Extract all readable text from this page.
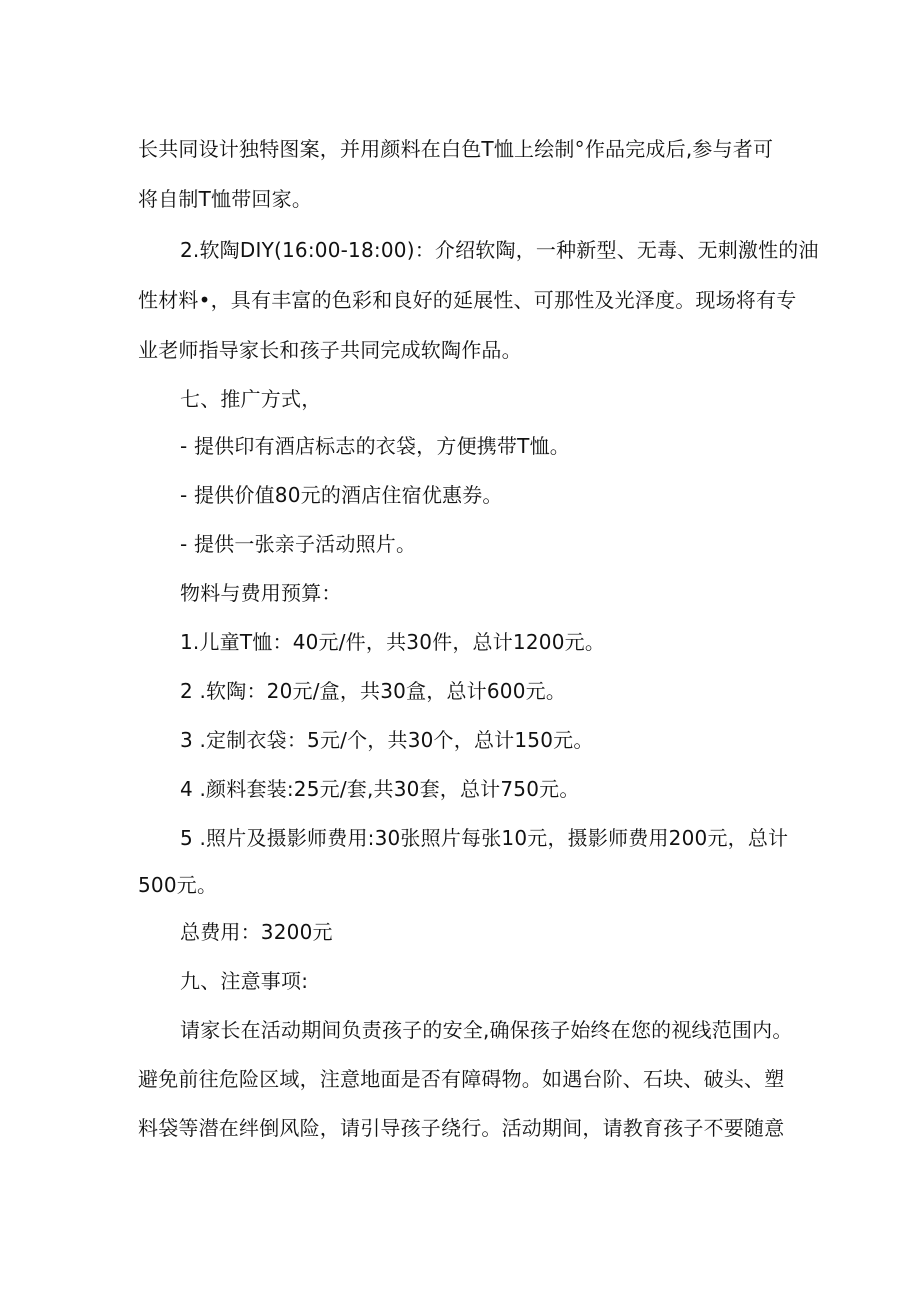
长共同设计独特图案，并用颜料在白色T恤上绘制°作品完成后,参与者可
将自制T恤带回家。
2.软陶DIY(16:00-18:00)：介绍软陶，一种新型、无毒、无刺激性的油
性材料•，具有丰富的色彩和良好的延展性、可那性及光泽度。现场将有专
业老师指导家长和孩子共同完成软陶作品。
七、推广方式，
- 提供印有酒店标志的衣袋，方便携带T恤。
- 提供价值80元的酒店住宿优惠券。
- 提供一张亲子活动照片。
物料与费用预算：
1.儿童T恤：40元/件，共30件，总计1200元。
2 .软陶：20元/盒，共30盒，总计600元。
3 .定制衣袋：5元/个，共30个，总计150元。
4 .颜料套装:25元/套,共30套，总计750元。
5 .照片及摄影师费用:30张照片每张10元，摄影师费用200元，总计
500元。
总费用：3200元
九、注意事项:
请家长在活动期间负责孩子的安全,确保孩子始终在您的视线范围内。
避免前往危险区域，注意地面是否有障碍物。如遇台阶、石块、破头、塑
料袋等潜在绊倒风险，请引导孩子绕行。活动期间，请教育孩子不要随意
